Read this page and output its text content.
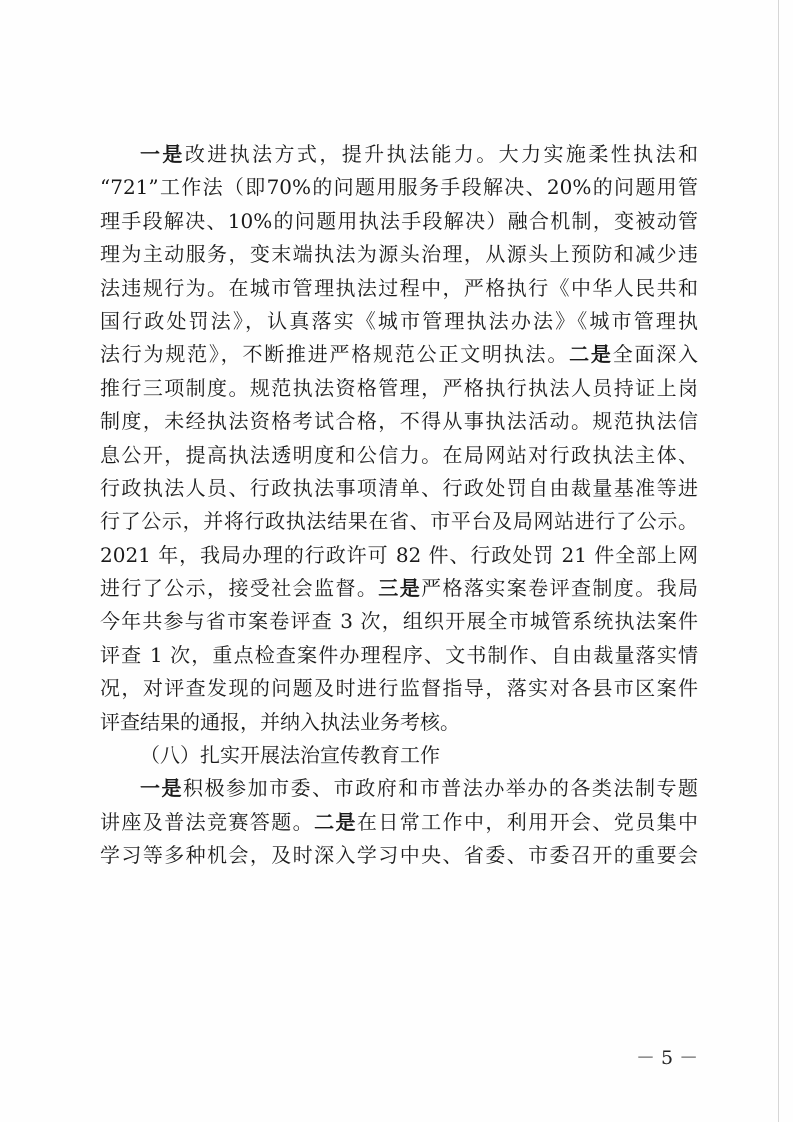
一是改进执法方式，提升执法能力。大力实施柔性执法和
“721”工作法（即70%的问题用服务手段解决、20%的问题用管
理手段解决、10%的问题用执法手段解决）融合机制，变被动管
理为主动服务，变末端执法为源头治理，从源头上预防和减少违
法违规行为。在城市管理执法过程中，严格执行《中华人民共和
国行政处罚法》，认真落实《城市管理执法办法》《城市管理执
法行为规范》，不断推进严格规范公正文明执法。二是全面深入
推行三项制度。规范执法资格管理，严格执行执法人员持证上岗
制度，未经执法资格考试合格，不得从事执法活动。规范执法信
息公开，提高执法透明度和公信力。在局网站对行政执法主体、
行政执法人员、行政执法事项清单、行政处罚自由裁量基准等进
行了公示，并将行政执法结果在省、市平台及局网站进行了公示。
2021 年，我局办理的行政许可 82 件、行政处罚 21 件全部上网
进行了公示，接受社会监督。三是严格落实案卷评查制度。我局
今年共参与省市案卷评查 3 次，组织开展全市城管系统执法案件
评查 1 次，重点检查案件办理程序、文书制作、自由裁量落实情
况，对评查发现的问题及时进行监督指导，落实对各县市区案件
评查结果的通报，并纳入执法业务考核。
（八）扎实开展法治宣传教育工作
一是积极参加市委、市政府和市普法办举办的各类法制专题
讲座及普法竞赛答题。二是在日常工作中，利用开会、党员集中
学习等多种机会，及时深入学习中央、省委、市委召开的重要会
－ 5 －
